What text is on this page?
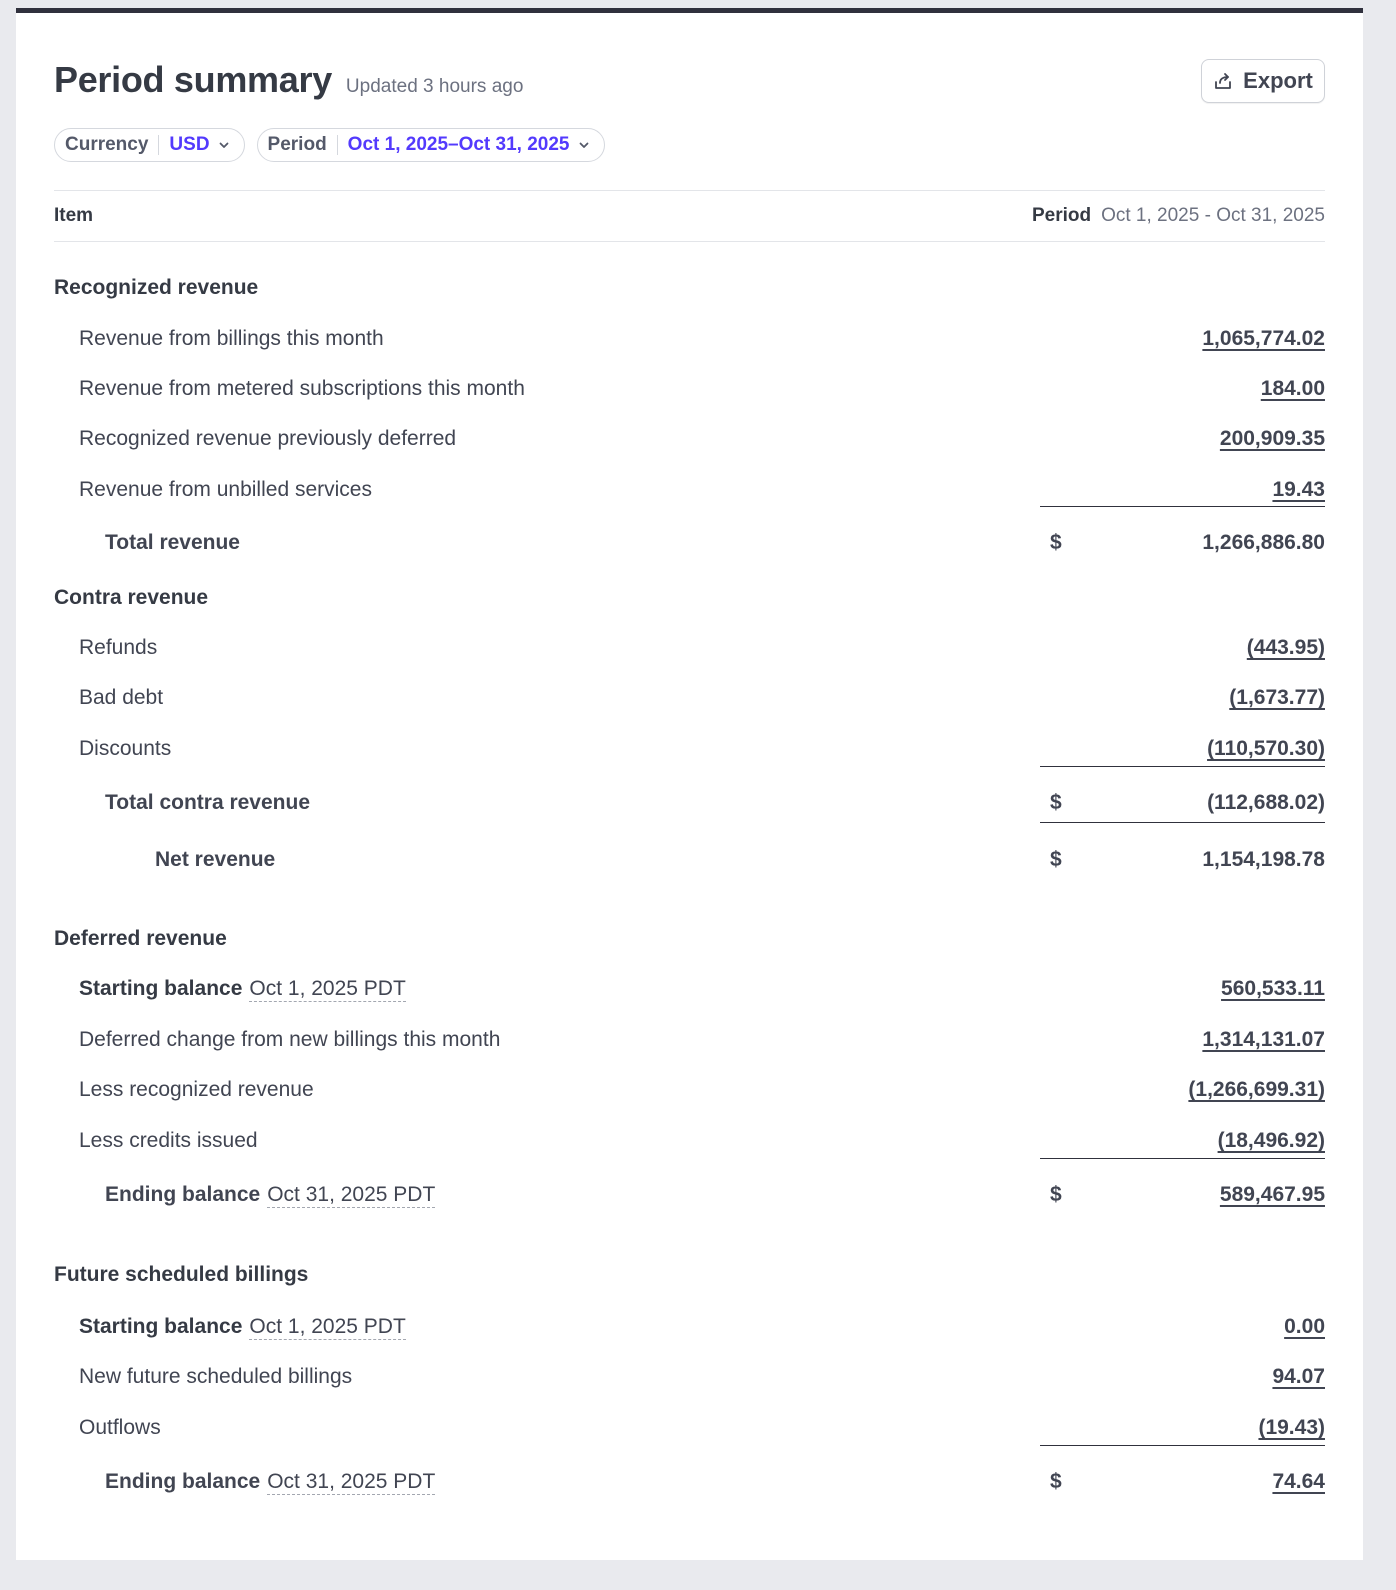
Period summary Updated 3 hours ago	Export
Currency USD	Period Oct 1, 2025–Oct 31, 2025
Item	Period Oct 1, 2025 - Oct 31, 2025
Recognized revenue
Revenue from billings this month	1,065,774.02
Revenue from metered subscriptions this month	184.00
Recognized revenue previously deferred	200,909.35
Revenue from unbilled services	19.43
Total revenue	$	1,266,886.80
Contra revenue
Refunds	(443.95)
Bad debt	(1,673.77)
Discounts	(110,570.30)
Total contra revenue	$	(112,688.02)
Net revenue	$	1,154,198.78
Deferred revenue
Starting balance Oct 1, 2025 PDT	560,533.11
Deferred change from new billings this month	1,314,131.07
Less recognized revenue	(1,266,699.31)
Less credits issued	(18,496.92)
Ending balance Oct 31, 2025 PDT	$	589,467.95
Future scheduled billings
Starting balance Oct 1, 2025 PDT	0.00
New future scheduled billings	94.07
Outflows	(19.43)
Ending balance Oct 31, 2025 PDT	$	74.64
